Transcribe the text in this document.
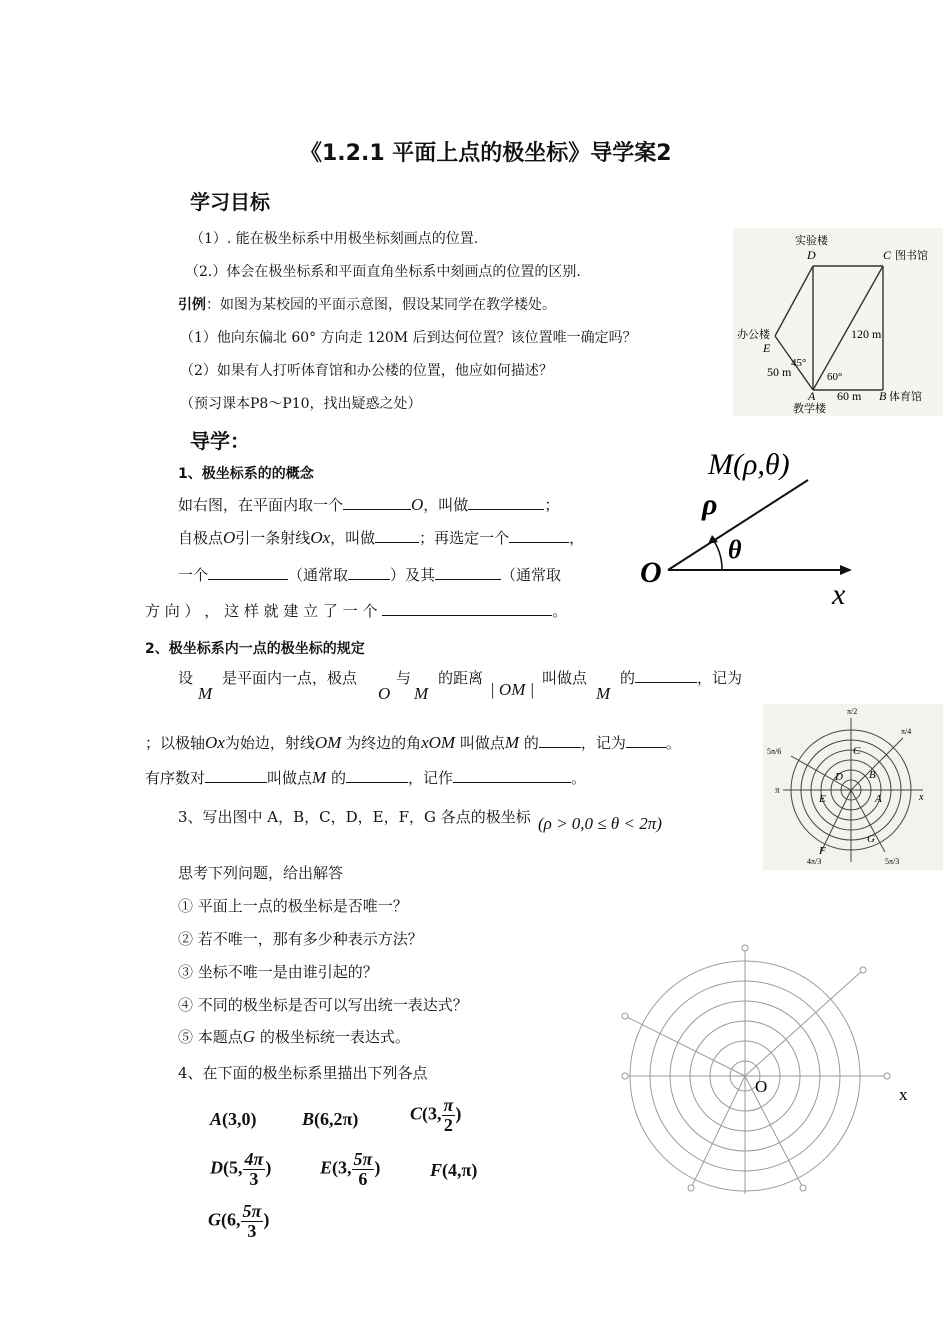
《1.2.1 平面上点的极坐标》导学案2
学习目标
（1）. 能在极坐标系中用极坐标刻画点的位置.
（2.）体会在极坐标系和平面直角坐标系中刻画点的位置的区别.
引例：如图为某校园的平面示意图，假设某同学在教学楼处。
（1）他向东偏北 60° 方向走 120M 后到达何位置？该位置唯一确定吗？
（2）如果有人打听体育馆和办公楼的位置，他应如何描述？
（预习课本P8～P10，找出疑惑之处）
实验楼
D	C 图书馆
办公楼
E
120 m
45°
50 m	60°
A
教学楼
60 m B 体育馆
导学：
1、极坐标系的的概念
如右图，在平面内取一个	O，叫做	；
自极点O引一条射线Ox，叫做	；再选定一个	，
一个	（通常取	）及其	（通常取
方 向 ） ， 这 样 就 建 立 了 一 个	。
M(ρ,θ)
ρ
θ
O
x
2、极坐标系内一点的极坐标的规定
设
M
是平面内一点，极点
O
与
M
的距离
| OM |
叫做点
M
的	，记为
；以极轴Ox为始边，射线OM 为终边的角xOM 叫做点M 的	，记为	。
有序数对	叫做点M 的	，记作	。
π/2
π/4
5π/6
π
x
4π/3	5π/3
C
D B
E	A
G
F
3、写出图中 A，B，C，D，E，F，G 各点的极坐标 (ρ > 0,0 ≤ θ < 2π)
思考下列问题，给出解答
① 平面上一点的极坐标是否唯一？
② 若不唯一，那有多少种表示方法？
③ 坐标不唯一是由谁引起的？
④ 不同的极坐标是否可以写出统一表达式？
⑤ 本题点G 的极坐标统一表达式。
4、在下面的极坐标系里描出下列各点
A(3,0)	B(6,2π)	C(3, $\frac{\pi}{2}$ )
D(5, $\frac{4\pi}{3}$ )	E(3, $\frac{5\pi}{6}$ )	F(4,π)
G(6, $\frac{5\pi}{3}$ )
O	x
